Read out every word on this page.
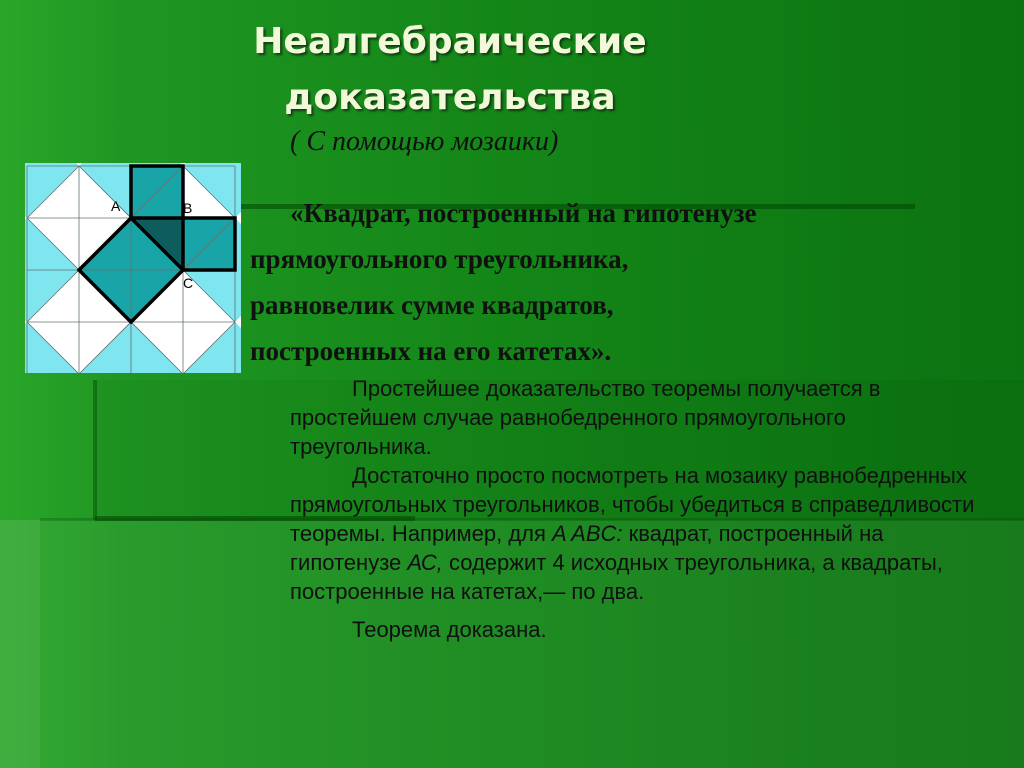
Неалгебраические
доказательства
( С помощью мозаики)
«Квадрат, построенный на гипотенузе
прямоугольного треугольника,
равновелик сумме квадратов,
построенных на его катетах».

Простейшее доказательство теоремы получается в простейшем случае равнобедренного прямоугольного треугольника.

Достаточно просто посмотреть на мозаику равнобедренных прямоугольных треугольников, чтобы убедиться в справедливости теоремы. Например, для A ABC: квадрат, построенный на гипотенузе АС, содержит 4 исходных треугольника, а квадраты, построенные на катетах,— по два.

Теорема доказана.

A	B
C
